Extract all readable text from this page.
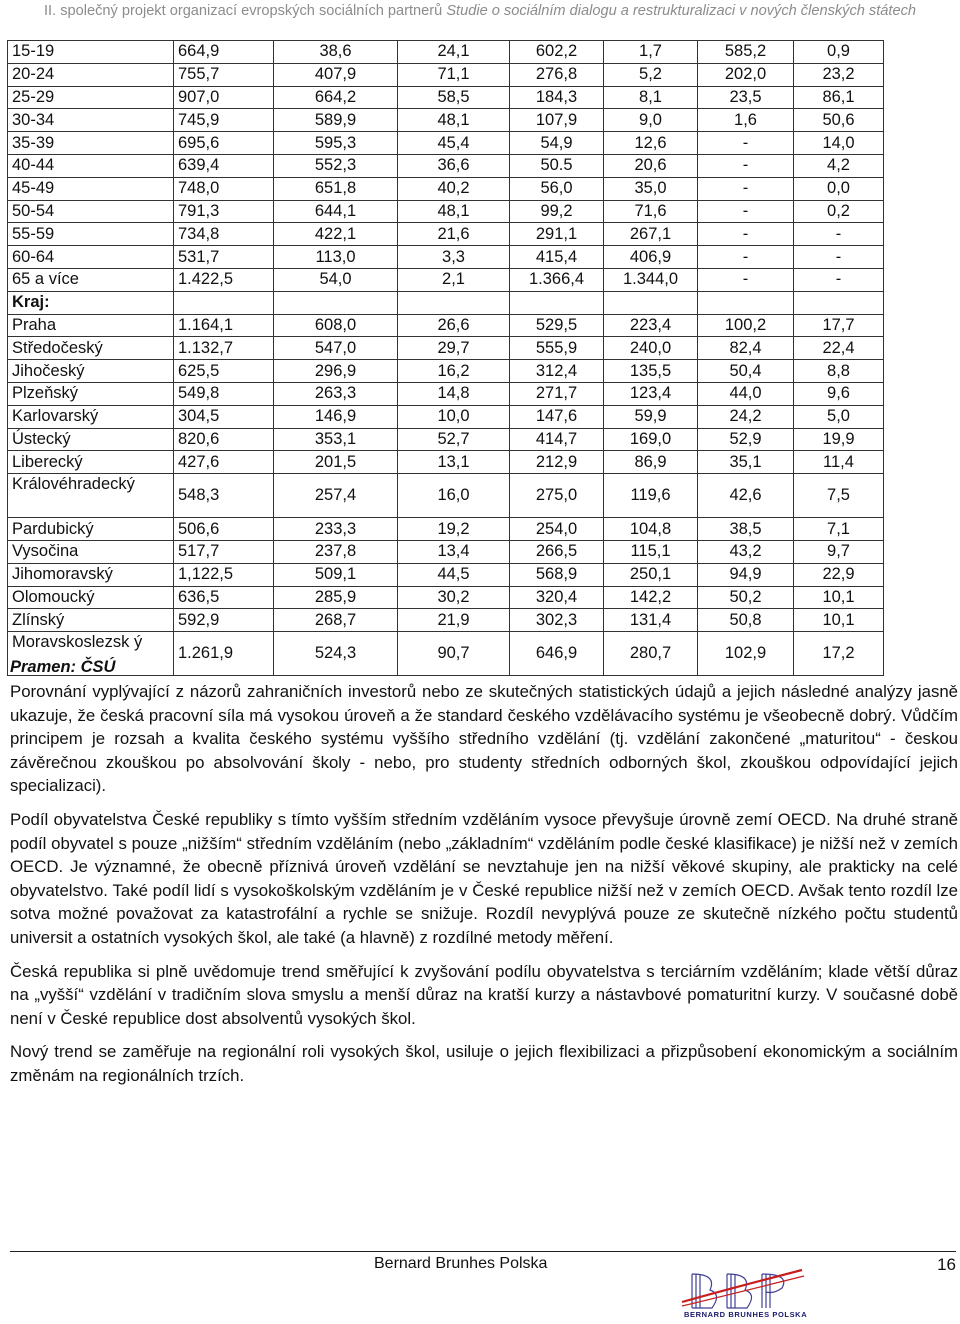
II. společný projekt organizací evropských sociálních partnerů Studie o sociálním dialogu a restrukturalizaci v nových členských státech
15-19	664,9	38,6	24,1	602,2	1,7	585,2	0,9
20-24	755,7	407,9	71,1	276,8	5,2	202,0	23,2
25-29	907,0	664,2	58,5	184,3	8,1	23,5	86,1
30-34	745,9	589,9	48,1	107,9	9,0	1,6	50,6
35-39	695,6	595,3	45,4	54,9	12,6	-	14,0
40-44	639,4	552,3	36,6	50.5	20,6	-	4,2
45-49	748,0	651,8	40,2	56,0	35,0	-	0,0
50-54	791,3	644,1	48,1	99,2	71,6	-	0,2
55-59	734,8	422,1	21,6	291,1	267,1	-	-
60-64	531,7	113,0	3,3	415,4	406,9	-	-
65 a více	1.422,5	54,0	2,1	1.366,4	1.344,0	-	-
Kraj:							
Praha	1.164,1	608,0	26,6	529,5	223,4	100,2	17,7
Středočeský	1.132,7	547,0	29,7	555,9	240,0	82,4	22,4
Jihočeský	625,5	296,9	16,2	312,4	135,5	50,4	8,8
Plzeňský	549,8	263,3	14,8	271,7	123,4	44,0	9,6
Karlovarský	304,5	146,9	10,0	147,6	59,9	24,2	5,0
Ústecký	820,6	353,1	52,7	414,7	169,0	52,9	19,9
Liberecký	427,6	201,5	13,1	212,9	86,9	35,1	11,4
Královéhradecký	548,3	257,4	16,0	275,0	119,6	42,6	7,5
Pardubický	506,6	233,3	19,2	254,0	104,8	38,5	7,1
Vysočina	517,7	237,8	13,4	266,5	115,1	43,2	9,7
Jihomoravský	1,122,5	509,1	44,5	568,9	250,1	94,9	22,9
Olomoucký	636,5	285,9	30,2	320,4	142,2	50,2	10,1
Zlínský	592,9	268,7	21,9	302,3	131,4	50,8	10,1
Moravskoslezsk ý	1.261,9	524,3	90,7	646,9	280,7	102,9	17,2
Pramen: ČSÚ

Porovnání vyplývající z názorů zahraničních investorů nebo ze skutečných statistických údajů a jejich následné analýzy jasně ukazuje, že česká pracovní síla má vysokou úroveň a že standard českého vzdělávacího systému je všeobecně dobrý. Vůdčím principem je rozsah a kvalita českého systému vyššího středního vzdělání (tj. vzdělání zakončené „maturitou“ - českou závěrečnou zkouškou po absolvování školy - nebo, pro studenty středních odborných škol, zkouškou odpovídající jejich specializaci).

Podíl obyvatelstva České republiky s tímto vyšším středním vzděláním vysoce převyšuje úrovně zemí OECD. Na druhé straně podíl obyvatel s pouze „nižším“ středním vzděláním (nebo „základním“ vzděláním podle české klasifikace) je nižší než v zemích OECD. Je významné, že obecně příznivá úroveň vzdělání se nevztahuje jen na nižší věkové skupiny, ale prakticky na celé obyvatelstvo. Také podíl lidí s vysokoškolským vzděláním je v České republice nižší než v zemích OECD. Avšak tento rozdíl lze sotva možné považovat za katastrofální a rychle se snižuje. Rozdíl nevyplývá pouze ze skutečně nízkého počtu studentů universit a ostatních vysokých škol, ale také (a hlavně) z rozdílné metody měření.

Česká republika si plně uvědomuje trend směřující k zvyšování podílu obyvatelstva s terciárním vzděláním; klade větší důraz na „vyšší“ vzdělání v tradičním slova smyslu a menší důraz na kratší kurzy a nástavbové pomaturitní kurzy. V současné době není v České republice dost absolventů vysokých škol.

Nový trend se zaměřuje na regionální roli vysokých škol, usiluje o jejich flexibilizaci a přizpůsobení ekonomickým a sociálním změnám na regionálních trzích.

Bernard Brunhes Polska	16
BERNARD BRUNHES POLSKA
